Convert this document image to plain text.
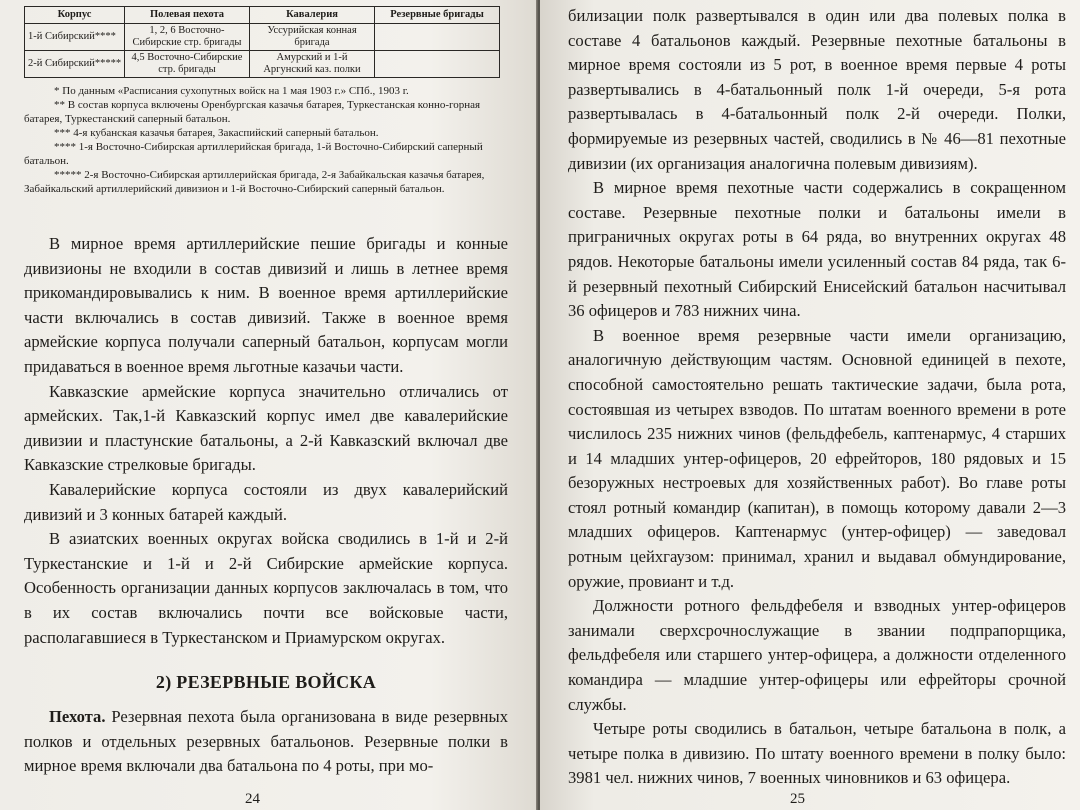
Корпус	Полевая пехота	Кавалерия	Резервные бригады
1-й Сибирский****	1, 2, 6 Восточно-Сибирские стр. бригады	Уссурийская конная бригада	
2-й Сибирский*****	4,5 Восточно-Сибирские стр. бригады	Амурский и 1-й Аргунский каз. полки	

* По данным «Расписания сухопутных войск на 1 мая 1903 г.» СПб., 1903 г.

** В состав корпуса включены Оренбургская казачья батарея, Туркестанская конно-горная батарея, Туркестанский саперный батальон.

*** 4-я кубанская казачья батарея, Закаспийский саперный батальон.

**** 1-я Восточно-Сибирская артиллерийская бригада, 1-й Восточно-Сибирский саперный батальон.

***** 2-я Восточно-Сибирская артиллерийская бригада, 2-я Забайкальская казачья батарея, Забайкальский артиллерийский дивизион и 1-й Восточно-Сибирский саперный батальон.

В мирное время артиллерийские пешие бригады и конные дивизионы не входили в состав дивизий и лишь в летнее время прикомандировывались к ним. В военное время артиллерийские части включались в состав дивизий. Также в военное время армейские корпуса получали саперный батальон, корпусам могли придаваться в военное время льготные казачьи части.

Кавказские армейские корпуса значительно отличались от армейских. Так,1-й Кавказский корпус имел две кавалерийские дивизии и пластунские батальоны, а 2-й Кавказский включал две Кавказские стрелковые бригады.

Кавалерийские корпуса состояли из двух кавалерийский дивизий и 3 конных батарей каждый.

В азиатских военных округах войска сводились в 1-й и 2-й Туркестанские и 1-й и 2-й Сибирские армейские корпуса. Особенность организации данных корпусов заключалась в том, что в их состав включались почти все войсковые части, располагавшиеся в Туркестанском и Приамурском округах.

2) РЕЗЕРВНЫЕ ВОЙСКА

Пехота. Резервная пехота была организована в виде резервных полков и отдельных резервных батальонов. Резервные полки в мирное время включали два батальона по 4 роты, при мо-

24

билизации полк развертывался в один или два полевых полка в составе 4 батальонов каждый. Резервные пехотные батальоны в мирное время состояли из 5 рот, в военное время первые 4 роты развертывались в 4-батальонный полк 1-й очереди, 5-я рота развертывалась в 4-батальонный полк 2-й очереди. Полки, формируемые из резервных частей, сводились в № 46—81 пехотные дивизии (их организация аналогична полевым дивизиям).

В мирное время пехотные части содержались в сокращенном составе. Резервные пехотные полки и батальоны имели в приграничных округах роты в 64 ряда, во внутренних округах 48 рядов. Некоторые батальоны имели усиленный состав 84 ряда, так 6-й резервный пехотный Сибирский Енисейский батальон насчитывал 36 офицеров и 783 нижних чина.

В военное время резервные части имели организацию, аналогичную действующим частям. Основной единицей в пехоте, способной самостоятельно решать тактические задачи, была рота, состоявшая из четырех взводов. По штатам военного времени в роте числилось 235 нижних чинов (фельдфебель, каптенармус, 4 старших и 14 младших унтер-офицеров, 20 ефрейторов, 180 рядовых и 15 безоружных нестроевых для хозяйственных работ). Во главе роты стоял ротный командир (капитан), в помощь которому давали 2—3 младших офицеров. Каптенармус (унтер-офицер) — заведовал ротным цейхгаузом: принимал, хранил и выдавал обмундирование, оружие, провиант и т.д.

Должности ротного фельдфебеля и взводных унтер-офицеров занимали сверхсрочнослужащие в звании подпрапорщика, фельдфебеля или старшего унтер-офицера, а должности отделенного командира — младшие унтер-офицеры или ефрейторы срочной службы.

Четыре роты сводились в батальон, четыре батальона в полк, а четыре полка в дивизию. По штату военного времени в полку было: 3981 чел. нижних чинов, 7 военных чиновников и 63 офицера.

25
